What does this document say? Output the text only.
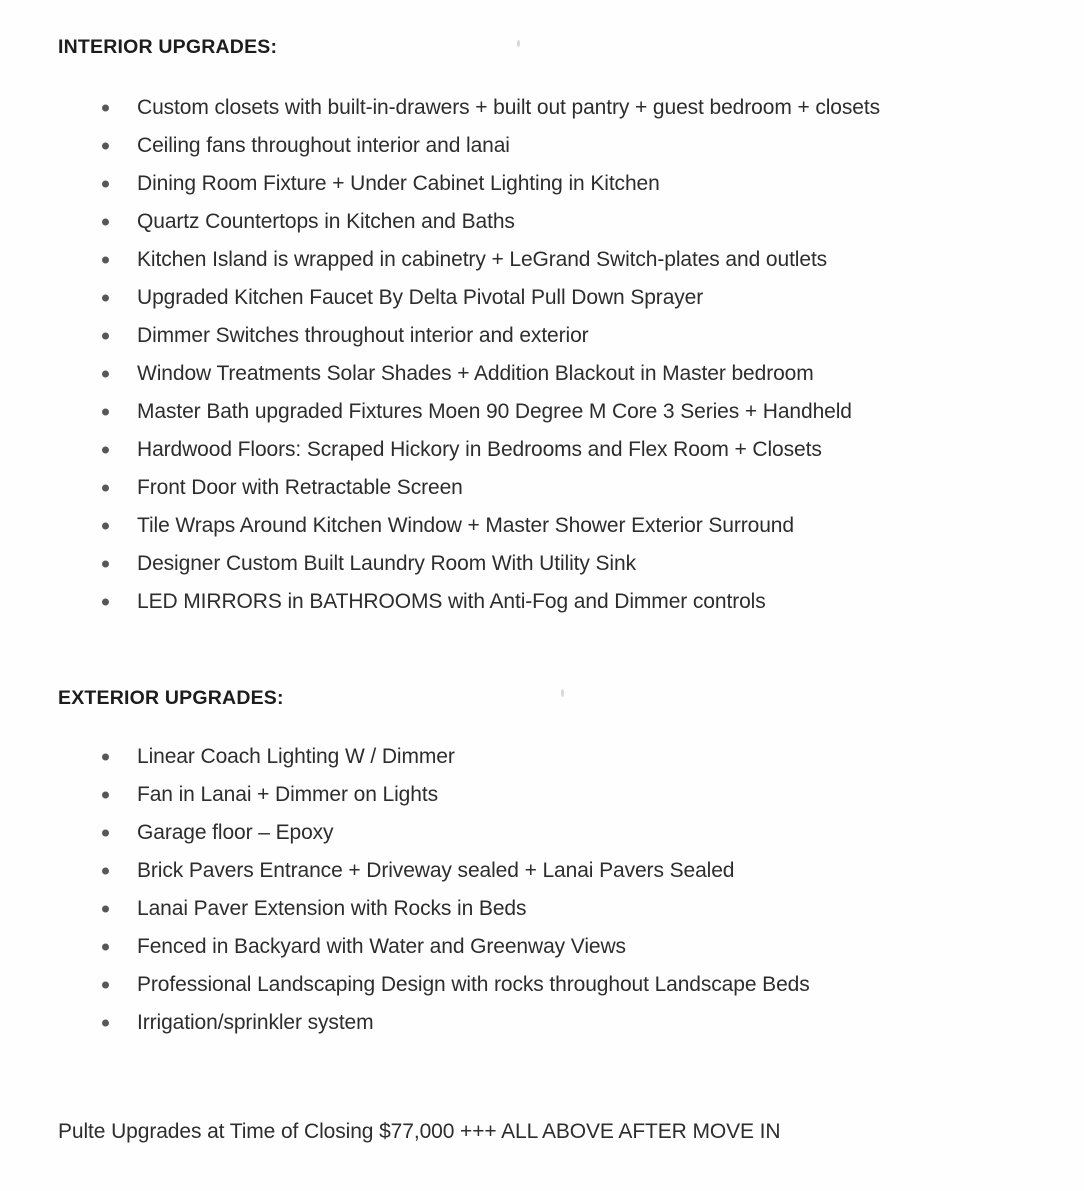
INTERIOR UPGRADES:
Custom closets with built-in-drawers + built out pantry + guest bedroom + closets
Ceiling fans throughout interior and lanai
Dining Room Fixture + Under Cabinet Lighting in Kitchen
Quartz Countertops in Kitchen and Baths
Kitchen Island is wrapped in cabinetry + LeGrand Switch-plates and outlets
Upgraded Kitchen Faucet By Delta Pivotal Pull Down Sprayer
Dimmer Switches throughout interior and exterior
Window Treatments Solar Shades + Addition Blackout in Master bedroom
Master Bath upgraded Fixtures Moen 90 Degree M Core 3 Series + Handheld
Hardwood Floors: Scraped Hickory in Bedrooms and Flex Room + Closets
Front Door with Retractable Screen
Tile Wraps Around Kitchen Window + Master Shower Exterior Surround
Designer Custom Built Laundry Room With Utility Sink
LED MIRRORS in BATHROOMS with Anti-Fog and Dimmer controls
EXTERIOR UPGRADES:
Linear Coach Lighting W / Dimmer
Fan in Lanai + Dimmer on Lights
Garage floor – Epoxy
Brick Pavers Entrance + Driveway sealed + Lanai Pavers Sealed
Lanai Paver Extension with Rocks in Beds
Fenced in Backyard with Water and Greenway Views
Professional Landscaping Design with rocks throughout Landscape Beds
Irrigation/sprinkler system

Pulte Upgrades at Time of Closing $77,000 +++ ALL ABOVE AFTER MOVE IN
